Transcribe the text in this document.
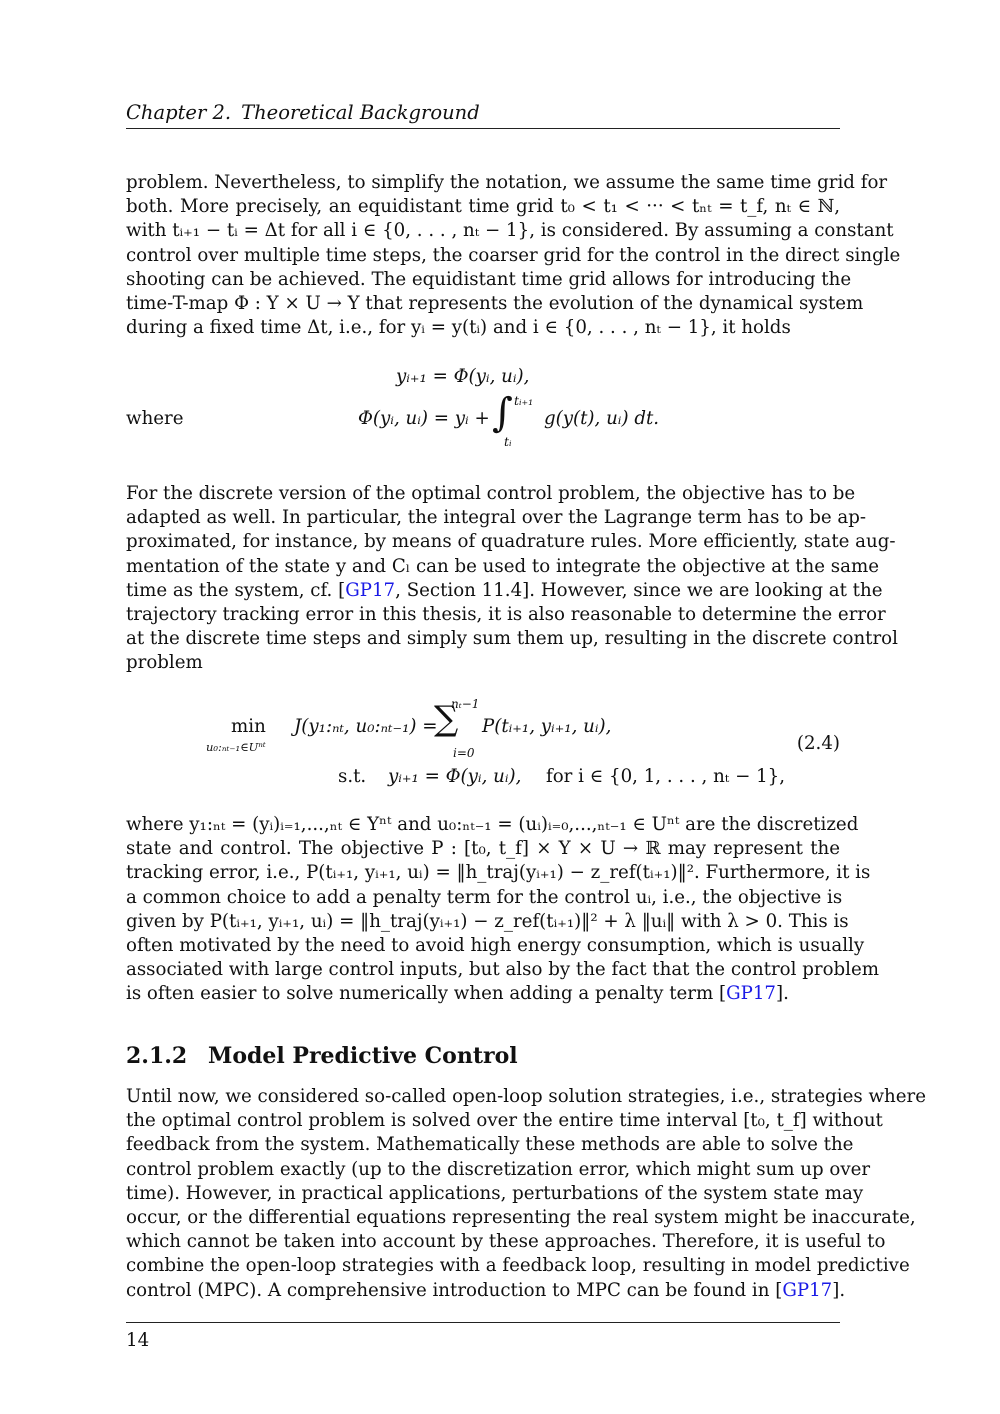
Chapter 2. Theoretical Background
problem. Nevertheless, to simplify the notation, we assume the same time grid for
both. More precisely, an equidistant time grid t₀ < t₁ < ··· < tₙₜ = t_f, nₜ ∈ ℕ,
with tᵢ₊₁ − tᵢ = Δt for all i ∈ {0, . . . , nₜ − 1}, is considered. By assuming a constant
control over multiple time steps, the coarser grid for the control in the direct single
shooting can be achieved. The equidistant time grid allows for introducing the
time-T-map Φ : Y × U → Y that represents the evolution of the dynamical system
during a fixed time Δt, i.e., for yᵢ = y(tᵢ) and i ∈ {0, . . . , nₜ − 1}, it holds
yᵢ₊₁ = Φ(yᵢ, uᵢ),
where	Φ(yᵢ, uᵢ) = yᵢ + ∫ tᵢ₊₁
tᵢ
g(y(t), uᵢ) dt.
For the discrete version of the optimal control problem, the objective has to be
adapted as well. In particular, the integral over the Lagrange term has to be ap-
proximated, for instance, by means of quadrature rules. More efficiently, state aug-
mentation of the state y and Cₗ can be used to integrate the objective at the same
time as the system, cf. [GP17, Section 11.4]. However, since we are looking at the
trajectory tracking error in this thesis, it is also reasonable to determine the error
at the discrete time steps and simply sum them up, resulting in the discrete control
problem
min
u₀:ₙₜ₋₁∈Uⁿᵗ
J(y₁:ₙₜ, u₀:ₙₜ₋₁) =
nₜ−1
∑
i=0
P(tᵢ₊₁, yᵢ₊₁, uᵢ),
(2.4)
s.t. yᵢ₊₁ = Φ(yᵢ, uᵢ), for i ∈ {0, 1, . . . , nₜ − 1},
where y₁:ₙₜ = (yᵢ)ᵢ₌₁,...,ₙₜ ∈ Yⁿᵗ and u₀:ₙₜ₋₁ = (uᵢ)ᵢ₌₀,...,ₙₜ₋₁ ∈ Uⁿᵗ are the discretized
state and control. The objective P : [t₀, t_f] × Y × U → ℝ may represent the
tracking error, i.e., P(tᵢ₊₁, yᵢ₊₁, uᵢ) = ‖h_traj(yᵢ₊₁) − z_ref(tᵢ₊₁)‖². Furthermore, it is
a common choice to add a penalty term for the control uᵢ, i.e., the objective is
given by P(tᵢ₊₁, yᵢ₊₁, uᵢ) = ‖h_traj(yᵢ₊₁) − z_ref(tᵢ₊₁)‖² + λ ‖uᵢ‖ with λ > 0. This is
often motivated by the need to avoid high energy consumption, which is usually
associated with large control inputs, but also by the fact that the control problem
is often easier to solve numerically when adding a penalty term [GP17].
2.1.2 Model Predictive Control
Until now, we considered so-called open-loop solution strategies, i.e., strategies where
the optimal control problem is solved over the entire time interval [t₀, t_f] without
feedback from the system. Mathematically these methods are able to solve the
control problem exactly (up to the discretization error, which might sum up over
time). However, in practical applications, perturbations of the system state may
occur, or the differential equations representing the real system might be inaccurate,
which cannot be taken into account by these approaches. Therefore, it is useful to
combine the open-loop strategies with a feedback loop, resulting in model predictive
control (MPC). A comprehensive introduction to MPC can be found in [GP17].
14
